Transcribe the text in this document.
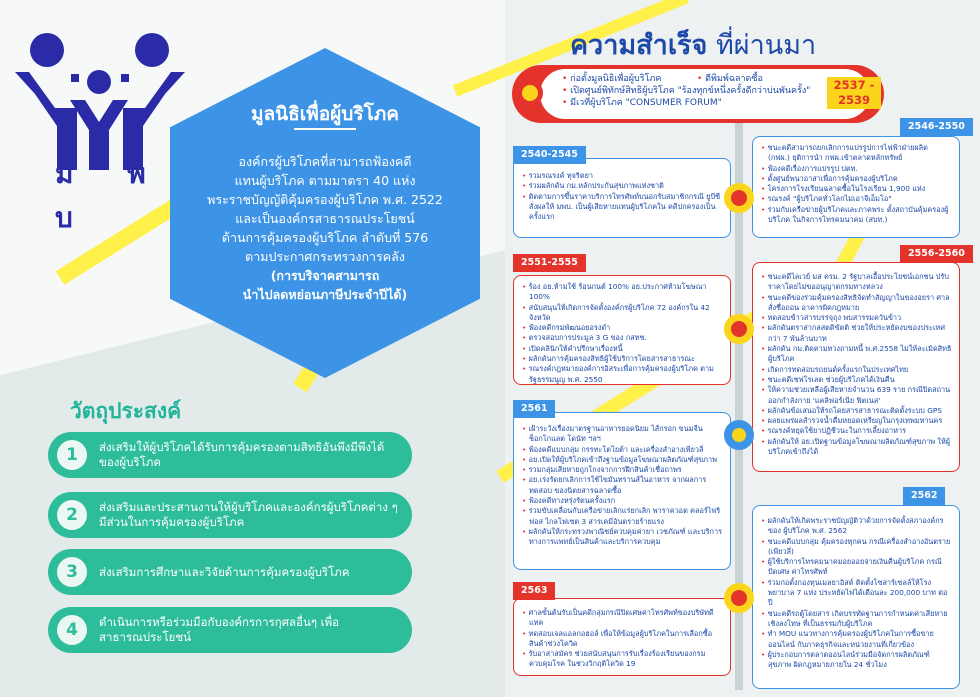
ม พ บ
มูลนิธิเพื่อผู้บริโภค
องค์กรผู้บริโภคที่สามารถฟ้องคดี
แทนผู้บริโภค ตามมาตรา 40 แห่ง
พระราชบัญญัติคุ้มครองผู้บริโภค พ.ศ. 2522
และเป็นองค์กรสาธารณประโยชน์
ด้านการคุ้มครองผู้บริโภค ลำดับที่ 576
ตามประกาศกระทรวงการคลัง
(การบริจาคสามารถ
นำไปลดหย่อนภาษีประจำปีได้)
วัตถุประสงค์
1	ส่งเสริมให้ผู้บริโภคได้รับการคุ้มครองตามสิทธิอันพึงมีพึงได้ของผู้บริโภค
2	ส่งเสริมและประสานงานให้ผู้บริโภคและองค์กรผู้บริโภคต่าง ๆ มีส่วนในการคุ้มครองผู้บริโภค
3	ส่งเสริมการศึกษาและวิจัยด้านการคุ้มครองผู้บริโภค
4	ดำเนินการหรือร่วมมือกับองค์กรการกุศลอื่นๆ เพื่อสาธารณประโยชน์
ความสำเร็จ ที่ผ่านมา
• ก่อตั้งมูลนิธิเพื่อผู้บริโภค
• เปิดศูนย์พิทักษ์สิทธิผู้บริโภค "ร้องทุกข์หนึ่งครั้งดีกว่าบ่นพันครั้ง"
• มีเวทีผู้บริโภค "CONSUMER FORUM"
• ตีพิมพ์ฉลาดซื้อ	2537 - 2539
• รวมรณรงค์ ทุจริตยา
• ร่วมผลักดัน กม.หลักประกันสุขภาพแห่งชาติ
• ติดตามการขึ้นราคาบริการโทรศัพท์บนอกรับสมาชิกกรณี ยูบีซี สั่งผลให้ มพบ. เป็นผู้เสียหายแทนผู้บริโภคใน คดีปกครองเป็นครั้งแรก
2540-2545
• ชนะคดีสามารถยกเลิกการแปรรูปการไฟฟ้าฝ่ายผลิต (กฟผ.) ยุติการนำ กฟผ.เข้าตลาดหลักทรัพย์
• ฟ้องคดีเรื่องการแปรรูป ปตท.
• ตั้งศูนย์พนาอาสาเพื่อการคุ้มครองผู้บริโภค
• โครงการโรงเรียนฉลาดซื้อในโรงเรียน 1,900 แห่ง
• รณรงค์ "ผู้บริโภคทั่วโลกไม่เอาจีเอ็มโอ"
• ร่วมกับเครือข่ายผู้บริโภคและภาคพระ ตั้งสถาบันคุ้มครองผู้บริโภค ในกิจการโทรคมนาคม (สบท.)
2546-2550
• ร้อง อย.ห้ามใช้ ร้อนกนต์ 100% อย.ประกาศห้ามโฆษณา 100%
• สนับสนุนให้เกิดการจัดตั้งองค์กรผู้บริโภค 72 องค์กรใน 42 จังหวัด
• ฟ้องคดีกรมพัฒนอยอรงดำ
• ตรวจสอบการประมูล 3 G ของ กสทช.
• เปิดคลินิกให้คำปรึกษาเรื่องหนี้
• ผลักดันการคุ้มครองสิทธิผู้ใช้บริการโดยสารสาธารณะ
• รณรงค์กฎหมายองค์การอิสระเพื่อการคุ้มครองผู้บริโภค ตาม รัฐธรรมนูญ พ.ศ. 2550
2551-2555
• ชนะคดีไลเวย์ มส ครม. 2 รัฐบาลเอื้อประโยชน์เอกชน ปรับราคาโดยไม่ขออนุญาตกรมทางหลวง
• ชนะคดีของร่วมคุ้มครองสิทธิจัดทำสัญญาในของอยรา ศาลสั่งชื่อถอน อาคารผิดกฎหมาย
• ทดสอบข้าวสารบรรจุถุง พบสารรมควันข้าว
• ผลักดันตราสากลสตดิขัตติ ช่วยให้ประหยัดงบของประเทศกว่า 7 พันล้านบาท
• ผลักดัน กม.ติดตามทวงถามหนี้ พ.ศ.2558 ไม่ให้ละเมิดสิทธิผู้บริโภค
• เกิดการทดสอบรถยนต์ครั้งแรกในประเทศไทย
• ชนะคดีเชฟโรเลต ช่วยผู้บริโภคได้เงินคืน
• ให้ความช่วยเหลือผู้เสียหายจำนวน 639 ราย กรณีปิดสถานออกกำลังกาย 'แคลิฟอร์เนีย ฟิตเนส'
• ผลักดันข้อเสนอให้รถโดยสารสาธารณะติดตั้งระบบ GPS
• ผลยแพร่ผลสำรวจน้ำดื่มหยอดเหรียญในกรุงเทพมหานคร
• รณรงค์หยุดใช้ยาปฏิชีวนะในการเลี้ยงอาหาร
• ผลักดันให้ อย.เปิดฐานข้อมูลโฆษณาผลิตภัณฑ์สุขภาพ ให้ผู้บริโภคเข้าถึงได้
2556-2560
• เฝ้าระวังเรื่องมาตรฐานอาหารยอดนิยม ไส้กรอก ขนมจีน ช็อกโกแลต โดนัท ฯลฯ
• ฟ้องคดีแบบกลุ่ม กรรทะโตโยต้า และเครื่องสำอางเพียวลี่
• อย.เปิดให้ผู้บริโภคเข้าถึงฐานข้อมูลโฆษณาผลิตภัณฑ์สุขภาพ
• รวมกลุ่มเสียหายถูกโกงจากการฝึกสินค้าเชื่อถาพร
• อย.เร่งรัดยกเลิกการใช้ไขมันทรานส์ในอาหาร จากผลการทดสอบ ของนิตยสารฉลาดซื้อ
• ฟ้องคดีทางหรุ่งรัตนครั้งแรก
• ร่วมขับเคลื่อนกับเครือข่ายเลิกแร่ยกเลิก พาราควอต คลอร์ไพริฟอส ไกลโฟเซต 3 สารเคมีอันตรายร้ายแรง
• ผลักดันให้กระทรวงพาณิชย์ควบคุมค่ายา เวชภัณฑ์ และบริการ ทางการแพทย์เป็นสินค้าและบริการควบคุม
2561
• ผลักดันให้เกิดพระราชบัญญัติว่าด้วยการจัดตั้งสภาองค์กรของ ผู้บริโภค พ.ศ. 2562
• ชนะคดีแบบกลุ่ม คุ้มครองทุกคน กรณีเครื่องสำอางอันตราย (เพียวลี่)
• ผู้ใช้บริการโทรคมนาคมอยออยจ่ายเงินคืนผู้บริโภค กรณีปัดเศษ ค่าโทรศัพท์
• ร่วมก่อตั้งกองทุนเมลยาอิสต์ ติดตั้งโซล่าร์เซลล์ให้โรงพยาบาล 7 แห่ง ประหยัดไฟได้เดือนละ 200,000 บาท ต่อปี
• ชนะคดีรถตู้โดยสาร เกิดบรรทัดฐานการกำหนดค่าเสียหายเชิงลงโทษ ที่เป็นธรรมกับผู้บริโภค
• ทำ MOU แนวทางการคุ้มครองผู้บริโภคในการซื้อขายออนไลน์ กับภาคธุรกิจและหน่วยงานที่เกี่ยวข้อง
• ผู้ประกอบการตลาดออนไลน์ร่วมมือจัดการผลิตภัณฑ์สุขภาพ ผิดกฎหมายภายใน 24 ชั่วโมง
2562
• ศาลขั้นต้นรับเป็นคดีกลุ่มกรณีปิดเศษค่าโทรศัพท์ของบริษัทดีแทค
• ทดสอบเจลแอลกอฮอล์ เพื่อให้ข้อมูลผู้บริโภคในการเลือกซื้อ สินค้าช่วงโควิด
• รับอาสาสมัคร ช่วยสนับสนุนการรับเรื่องร้องเรียนของกรมควบคุมโรค ในช่วงวิกฤติโควิด 19
2563
